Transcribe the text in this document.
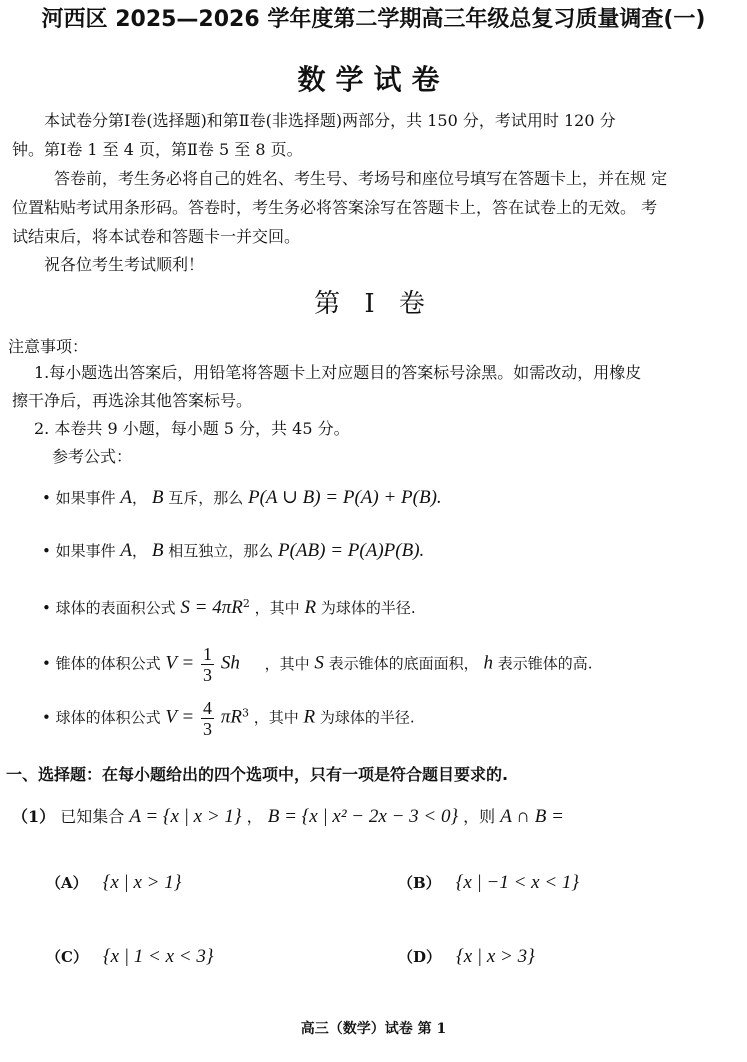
河西区 2025—2026 学年度第二学期高三年级总复习质量调查(一)
数学试卷
本试卷分第Ⅰ卷(选择题)和第Ⅱ卷(非选择题)两部分，共 150 分，考试用时 120 分
钟。第Ⅰ卷 1 至 4 页，第Ⅱ卷 5 至 8 页。
答卷前，考生务必将自己的姓名、考生号、考场号和座位号填写在答题卡上，并在规 定
位置粘贴考试用条形码。答卷时，考生务必将答案涂写在答题卡上，答在试卷上的无效。 考
试结束后，将本试卷和答题卡一并交回。
祝各位考生考试顺利！
第 Ⅰ 卷
注意事项：
1.每小题选出答案后，用铅笔将答题卡上对应题目的答案标号涂黑。如需改动，用橡皮
擦干净后，再选涂其他答案标号。
2. 本卷共 9 小题，每小题 5 分，共 45 分。
参考公式：
• 如果事件 A， B 互斥，那么 P(A ∪ B) = P(A) + P(B).
• 如果事件 A， B 相互独立，那么 P(AB) = P(A)P(B).
• 球体的表面积公式 $S = 4\pi R^2$ ，其中 R 为球体的半径.
• 锥体的体积公式 $V = \frac{1}{3}$ Sh ，其中 S 表示锥体的底面面积， h 表示锥体的高.
• 球体的体积公式 $V = \frac{4}{3} \pi R^3$ ，其中 R 为球体的半径.
一、选择题：在每小题给出的四个选项中，只有一项是符合题目要求的.
（1） 已知集合 A = {x | x > 1} ， B = {x | x² − 2x − 3 < 0} ，则 A ∩ B =
（A） {x | x > 1}	（B） {x | −1 < x < 1}
（C） {x | 1 < x < 3}	（D） {x | x > 3}
高三（数学）试卷 第 1
